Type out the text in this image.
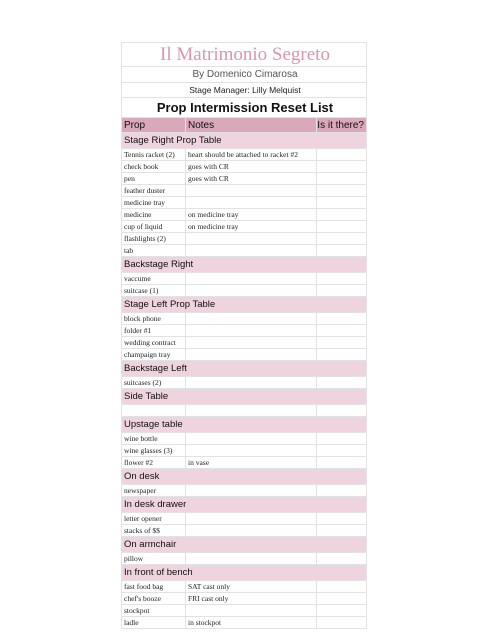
Il Matrimonio Segreto
By Domenico Cimarosa
Stage Manager: Lilly Melquist
Prop Intermission Reset List
Prop	Notes	Is it there?
Stage Right Prop Table
Tennis racket (2)	heart should be attached to racket #2
check book	goes with CR
pen	goes with CR
feather duster
medicine tray
medicine	on medicine tray
cup of liquid	on medicine tray
flashlights (2)
tab
Backstage Right
vaccume
suitcase (1)
Stage Left Prop Table
block phone
folder #1
wedding contract
champaign tray
Backstage Left
suitcases (2)
Side Table
Upstage table
wine bottle
wine glasses (3)
flower #2	in vase
On desk
newspaper
In desk drawer
letter opener
stacks of $$
On armchair
pillow
In front of bench
fast food bag	SAT cast only
chef's booze	FRI cast only
stockpot
ladle	in stockpot
